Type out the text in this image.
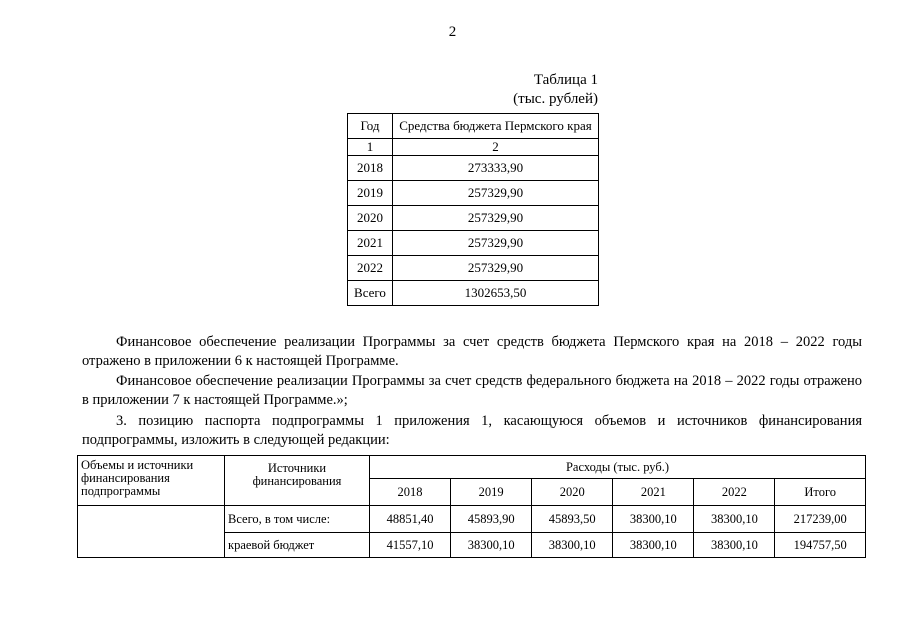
2
Таблица 1
(тыс. рублей)
Год	Средства бюджета Пермского края
1	2
2018	273333,90
2019	257329,90
2020	257329,90
2021	257329,90
2022	257329,90
Всего	1302653,50
Финансовое обеспечение реализации Программы за счет средств бюджета Пермского края на 2018 – 2022 годы отражено в приложении 6 к настоящей Программе.
Финансовое обеспечение реализации Программы за счет средств федерального бюджета на 2018 – 2022 годы отражено в приложении 7 к настоящей Программе.»;
3. позицию паспорта подпрограммы 1 приложения 1, касающуюся объемов и источников финансирования подпрограммы, изложить в следующей редакции:
Объемы и источники финансирования подпрограммы	Источники финансирования	Расходы (тыс. руб.)					
		2018	2019	2020	2021	2022	Итого
	Всего, в том числе:	48851,40	45893,90	45893,50	38300,10	38300,10	217239,00
	краевой бюджет	41557,10	38300,10	38300,10	38300,10	38300,10	194757,50
